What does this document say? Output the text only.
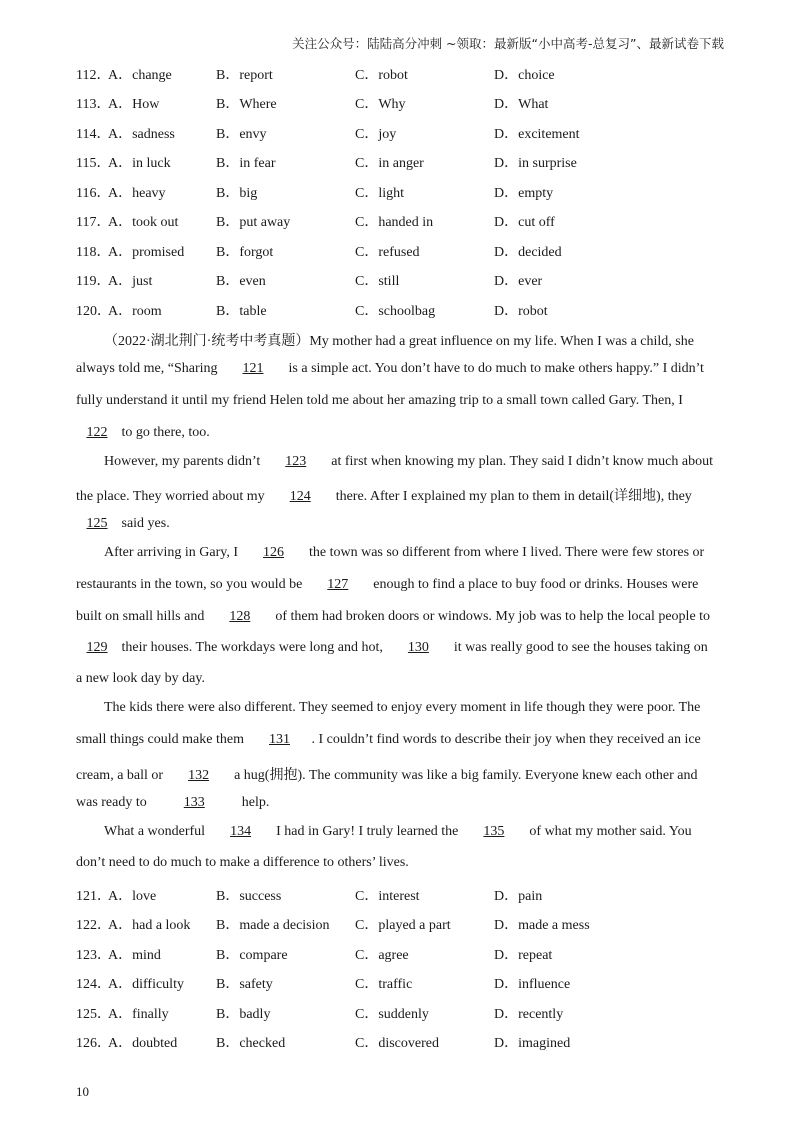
关注公众号：陆陆高分冲刺 ~领取：最新版“小中高考-总复习”、最新试卷下载
112．
A．change	B．report	C．robot	D．choice
113．
A．How	B．Where	C．Why	D．What
114．
A．sadness	B．envy	C．joy	D．excitement
115．
A．in luck	B．in fear	C．in anger	D．in surprise
116．
A．heavy	B．big	C．light	D．empty
117．
A．took out	B．put away	C．handed in	D．cut off
118．
A．promised B．forgot	C．refused	D．decided
119．
A．just	B．even	C．still	D．ever
120．
A．room	B．table	C．schoolbag	D．robot
（2022·湖北荆门·统考中考真题）My mother had a great influence on my life. When I was a child, she
always told me, “Sharing 121 is a simple act. You don’t have to do much to make others happy.” I didn’t
fully understand it until my friend Helen told me about her amazing trip to a small town called Gary. Then, I
122 to go there, too.
However, my parents didn’t 123 at first when knowing my plan. They said I didn’t know much about
the place. They worried about my 124 there. After I explained my plan to them in detail(详细地), they
125 said yes.
After arriving in Gary, I 126 the town was so different from where I lived. There were few stores or
restaurants in the town, so you would be 127 enough to find a place to buy food or drinks. Houses were
built on small hills and 128 of them had broken doors or windows. My job was to help the local people to
129 their houses. The workdays were long and hot, 130 it was really good to see the houses taking on
a new look day by day.
The kids there were also different. They seemed to enjoy every moment in life though they were poor. The
small things could make them 131 . I couldn’t find words to describe their joy when they received an ice
cream, a ball or 132 a hug(拥抱). The community was like a big family. Everyone knew each other and
was ready to 133 help.
What a wonderful 134 I had in Gary! I truly learned the 135 of what my mother said. You
don’t need to do much to make a difference to others’ lives.
121．
A．love	B．success	C．interest	D．pain
122．
A．had a look B．made a decision C．played a part	D．made a mess
123．
A．mind	B．compare	C．agree	D．repeat
124．
A．difficulty B．safety	C．traffic	D．influence
125．
A．finally	B．badly	C．suddenly	D．recently
126．
A．doubted	B．checked	C．discovered	D．imagined
10
